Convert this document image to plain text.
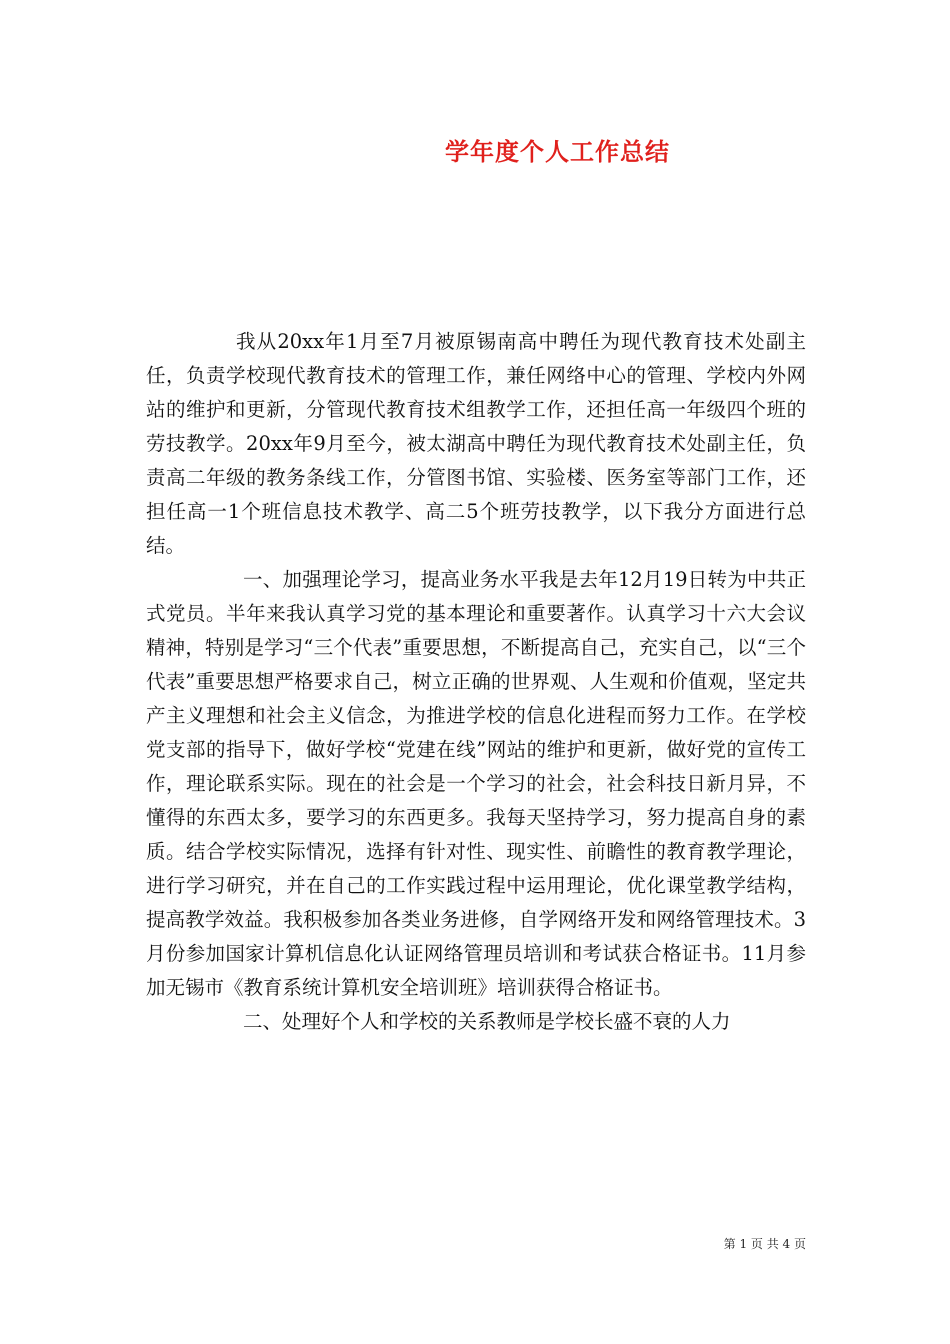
学年度个人工作总结

我从20xx年1月至7月被原锡南高中聘任为现代教育技术处副主任，负责学校现代教育技术的管理工作，兼任网络中心的管理、学校内外网站的维护和更新，分管现代教育技术组教学工作，还担任高一年级四个班的劳技教学。20xx年9月至今，被太湖高中聘任为现代教育技术处副主任，负责高二年级的教务条线工作，分管图书馆、实验楼、医务室等部门工作，还担任高一1个班信息技术教学、高二5个班劳技教学，以下我分方面进行总结。

一、加强理论学习，提高业务水平我是去年12月19日转为中共正式党员。半年来我认真学习党的基本理论和重要著作。认真学习十六大会议精神，特别是学习“三个代表”重要思想，不断提高自己，充实自己，以“三个代表”重要思想严格要求自己，树立正确的世界观、人生观和价值观，坚定共产主义理想和社会主义信念，为推进学校的信息化进程而努力工作。在学校党支部的指导下，做好学校“党建在线”网站的维护和更新，做好党的宣传工作，理论联系实际。现在的社会是一个学习的社会，社会科技日新月异，不懂得的东西太多，要学习的东西更多。我每天坚持学习，努力提高自身的素质。结合学校实际情况，选择有针对性、现实性、前瞻性的教育教学理论，进行学习研究，并在自己的工作实践过程中运用理论，优化课堂教学结构，提高教学效益。我积极参加各类业务进修，自学网络开发和网络管理技术。3月份参加国家计算机信息化认证网络管理员培训和考试获合格证书。11月参加无锡市《教育系统计算机安全培训班》培训获得合格证书。

二、处理好个人和学校的关系教师是学校长盛不衰的人力

第 1 页 共 4 页
